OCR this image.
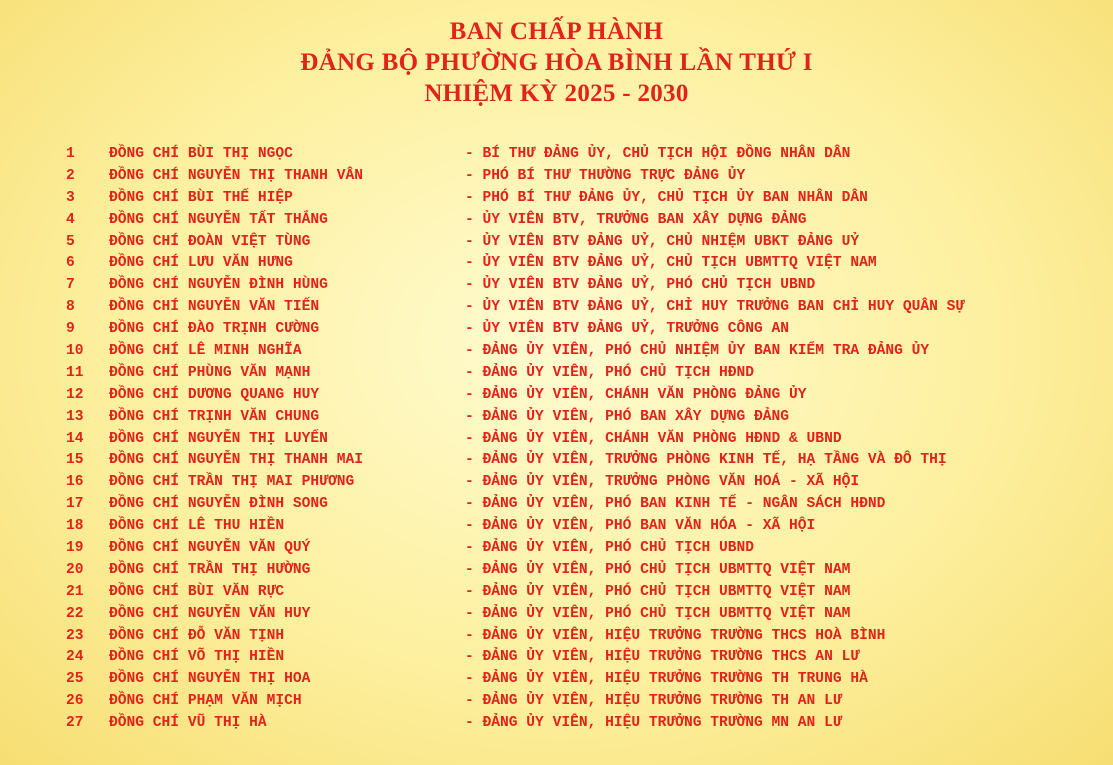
BAN CHẤP HÀNH
ĐẢNG BỘ PHƯỜNG HÒA BÌNH LẦN THỨ I
NHIỆM KỲ 2025 - 2030
1	ĐỒNG CHÍ BÙI THỊ NGỌC	- BÍ THƯ ĐẢNG ỦY, CHỦ TỊCH HỘI ĐỒNG NHÂN DÂN
2	ĐỒNG CHÍ NGUYỄN THỊ THANH VÂN	- PHÓ BÍ THƯ THƯỜNG TRỰC ĐẢNG ỦY
3	ĐỒNG CHÍ BÙI THẾ HIỆP	- PHÓ BÍ THƯ ĐẢNG ỦY, CHỦ TỊCH ỦY BAN NHÂN DÂN
4	ĐỒNG CHÍ NGUYỄN TẤT THẮNG	- ỦY VIÊN BTV, TRƯỞNG BAN XÂY DỰNG ĐẢNG
5	ĐỒNG CHÍ ĐOÀN VIỆT TÙNG	- ỦY VIÊN BTV ĐẢNG UỶ, CHỦ NHIỆM UBKT ĐẢNG UỶ
6	ĐỒNG CHÍ LƯU VĂN HƯNG	- ỦY VIÊN BTV ĐẢNG UỶ, CHỦ TỊCH UBMTTQ VIỆT NAM
7	ĐỒNG CHÍ NGUYỄN ĐÌNH HÙNG	- ỦY VIÊN BTV ĐẢNG UỶ, PHÓ CHỦ TỊCH UBND
8	ĐỒNG CHÍ NGUYỄN VĂN TIẾN	- ỦY VIÊN BTV ĐẢNG UỶ, CHỈ HUY TRƯỞNG BAN CHỈ HUY QUÂN SỰ
9	ĐỒNG CHÍ ĐÀO TRỊNH CƯỜNG	- ỦY VIÊN BTV ĐẢNG UỶ, TRƯỞNG CÔNG AN
10	ĐỒNG CHÍ LÊ MINH NGHĨA	- ĐẢNG ỦY VIÊN, PHÓ CHỦ NHIỆM ỦY BAN KIỂM TRA ĐẢNG ỦY
11	ĐỒNG CHÍ PHÙNG VĂN MẠNH	- ĐẢNG ỦY VIÊN, PHÓ CHỦ TỊCH HĐND
12	ĐỒNG CHÍ DƯƠNG QUANG HUY	- ĐẢNG ỦY VIÊN, CHÁNH VĂN PHÒNG ĐẢNG ỦY
13	ĐỒNG CHÍ TRỊNH VĂN CHUNG	- ĐẢNG ỦY VIÊN, PHÓ BAN XÂY DỰNG ĐẢNG
14	ĐỒNG CHÍ NGUYỄN THỊ LUYẾN	- ĐẢNG ỦY VIÊN, CHÁNH VĂN PHÒNG HĐND & UBND
15	ĐỒNG CHÍ NGUYỄN THỊ THANH MAI	- ĐẢNG ỦY VIÊN, TRƯỞNG PHÒNG KINH TẾ, HẠ TẦNG VÀ ĐÔ THỊ
16	ĐỒNG CHÍ TRẦN THỊ MAI PHƯƠNG	- ĐẢNG ỦY VIÊN, TRƯỞNG PHÒNG VĂN HOÁ - XÃ HỘI
17	ĐỒNG CHÍ NGUYỄN ĐÌNH SONG	- ĐẢNG ỦY VIÊN, PHÓ BAN KINH TẾ - NGÂN SÁCH HĐND
18	ĐỒNG CHÍ LÊ THU HIỀN	- ĐẢNG ỦY VIÊN, PHÓ BAN VĂN HÓA - XÃ HỘI
19	ĐỒNG CHÍ NGUYỄN VĂN QUÝ	- ĐẢNG ỦY VIÊN, PHÓ CHỦ TỊCH UBND
20	ĐỒNG CHÍ TRẦN THỊ HƯỜNG	- ĐẢNG ỦY VIÊN, PHÓ CHỦ TỊCH UBMTTQ VIỆT NAM
21	ĐỒNG CHÍ BÙI VĂN RỰC	- ĐẢNG ỦY VIÊN, PHÓ CHỦ TỊCH UBMTTQ VIỆT NAM
22	ĐỒNG CHÍ NGUYỄN VĂN HUY	- ĐẢNG ỦY VIÊN, PHÓ CHỦ TỊCH UBMTTQ VIỆT NAM
23	ĐỒNG CHÍ ĐỖ VĂN TỊNH	- ĐẢNG ỦY VIÊN, HIỆU TRƯỞNG TRƯỜNG THCS HOÀ BÌNH
24	ĐỒNG CHÍ VÕ THỊ HIỀN	- ĐẢNG ỦY VIÊN, HIỆU TRƯỞNG TRƯỜNG THCS AN LƯ
25	ĐỒNG CHÍ NGUYỄN THỊ HOA	- ĐẢNG ỦY VIÊN, HIỆU TRƯỞNG TRƯỜNG TH TRUNG HÀ
26	ĐỒNG CHÍ PHẠM VĂN MỊCH	- ĐẢNG ỦY VIÊN, HIỆU TRƯỞNG TRƯỜNG TH AN LƯ
27	ĐỒNG CHÍ VŨ THỊ HÀ	- ĐẢNG ỦY VIÊN, HIỆU TRƯỞNG TRƯỜNG MN AN LƯ
